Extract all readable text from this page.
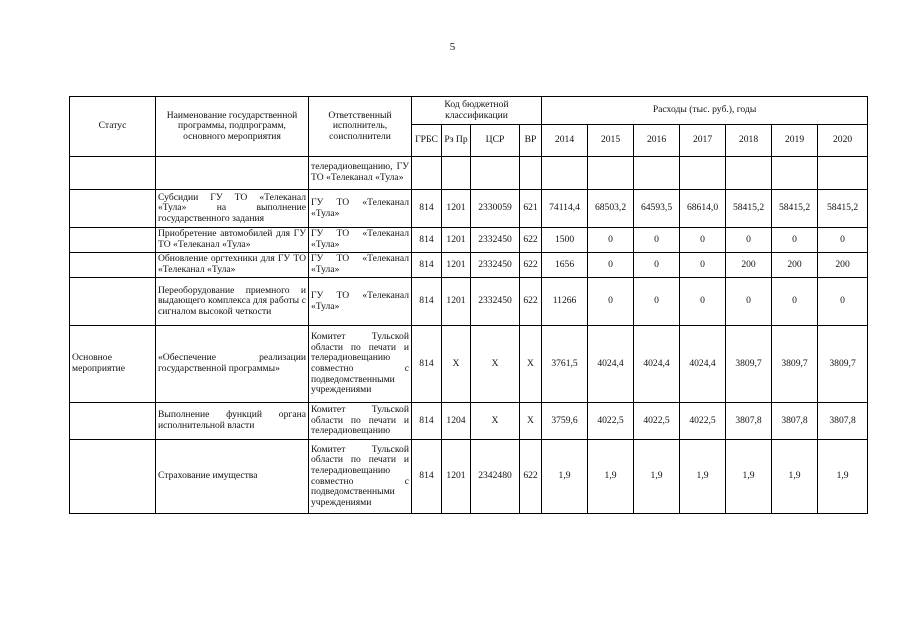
5
Статус	Наименование государственной программы, подпрограмм, основного мероприятия	Ответственный исполнитель, соисполнители	Код бюджетной классификации				Расходы (тыс. руб.), годы						
			ГРБС	Рз Пр	ЦСР	ВР	2014	2015	2016	2017	2018	2019	2020
		телерадиовещанию, ГУ ТО «Телеканал «Тула»											
	Субсидии ГУ ТО «Телеканал «Тула» на выполнение государственного задания	ГУ ТО «Телеканал «Тула»	814	1201	2330059	621	74114,4	68503,2	64593,5	68614,0	58415,2	58415,2	58415,2
	Приобретение автомобилей для ГУ ТО «Телеканал «Тула»	ГУ ТО «Телеканал «Тула»	814	1201	2332450	622	1500	0	0	0	0	0	0
	Обновление оргтехники для ГУ ТО «Телеканал «Тула»	ГУ ТО «Телеканал «Тула»	814	1201	2332450	622	1656	0	0	0	200	200	200
	Переоборудование приемного и выдающего комплекса для работы с сигналом высокой четкости	ГУ ТО «Телеканал «Тула»	814	1201	2332450	622	11266	0	0	0	0	0	0
Основное мероприятие	«Обеспечение реализации государственной программы»	Комитет Тульской области по печати и телерадиовещанию совместно с подведомственными учреждениями	814	Х	Х	Х	3761,5	4024,4	4024,4	4024,4	3809,7	3809,7	3809,7
	Выполнение функций органа исполнительной власти	Комитет Тульской области по печати и телерадиовещанию	814	1204	Х	Х	3759,6	4022,5	4022,5	4022,5	3807,8	3807,8	3807,8
	Страхование имущества	Комитет Тульской области по печати и телерадиовещанию совместно с подведомственными учреждениями	814	1201	2342480	622	1,9	1,9	1,9	1,9	1,9	1,9	1,9
